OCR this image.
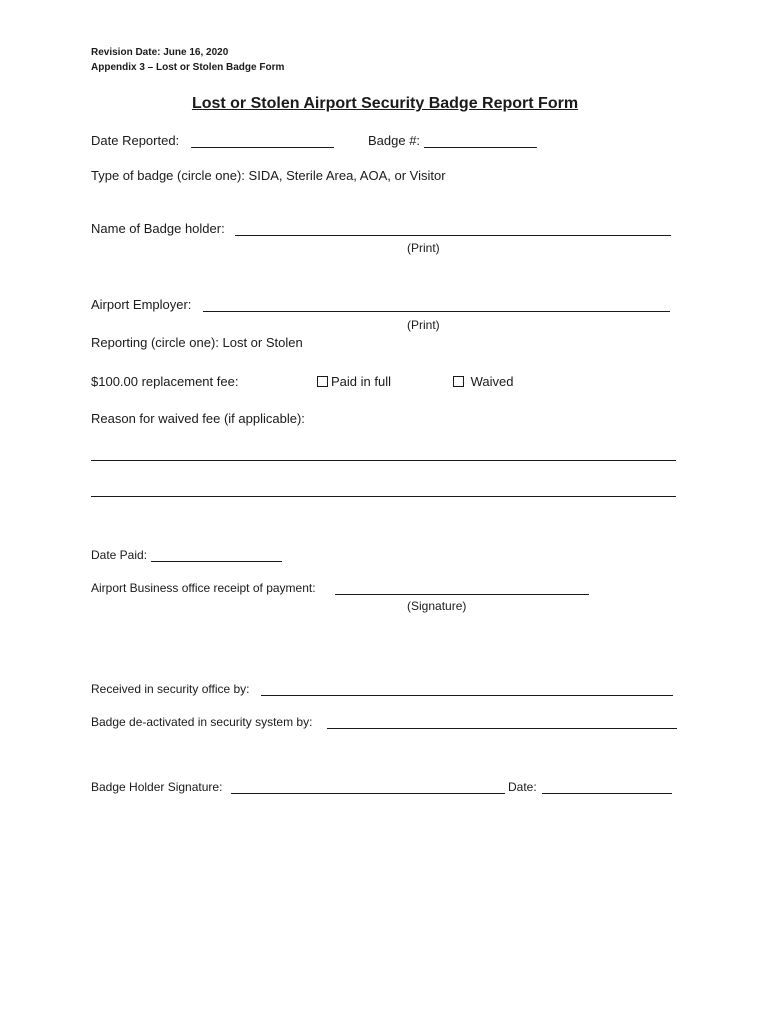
Revision Date: June 16, 2020
Appendix 3 – Lost or Stolen Badge Form
Lost or Stolen Airport Security Badge Report Form
Date Reported:	Badge #:
Type of badge (circle one): SIDA, Sterile Area, AOA, or Visitor
Name of Badge holder:
(Print)
Airport Employer:
(Print)
Reporting (circle one): Lost or Stolen
$100.00 replacement fee:	Paid in full	Waived
Reason for waived fee (if applicable):
Date Paid:
Airport Business office receipt of payment:
(Signature)
Received in security office by:
Badge de-activated in security system by:
Badge Holder Signature:	Date:
